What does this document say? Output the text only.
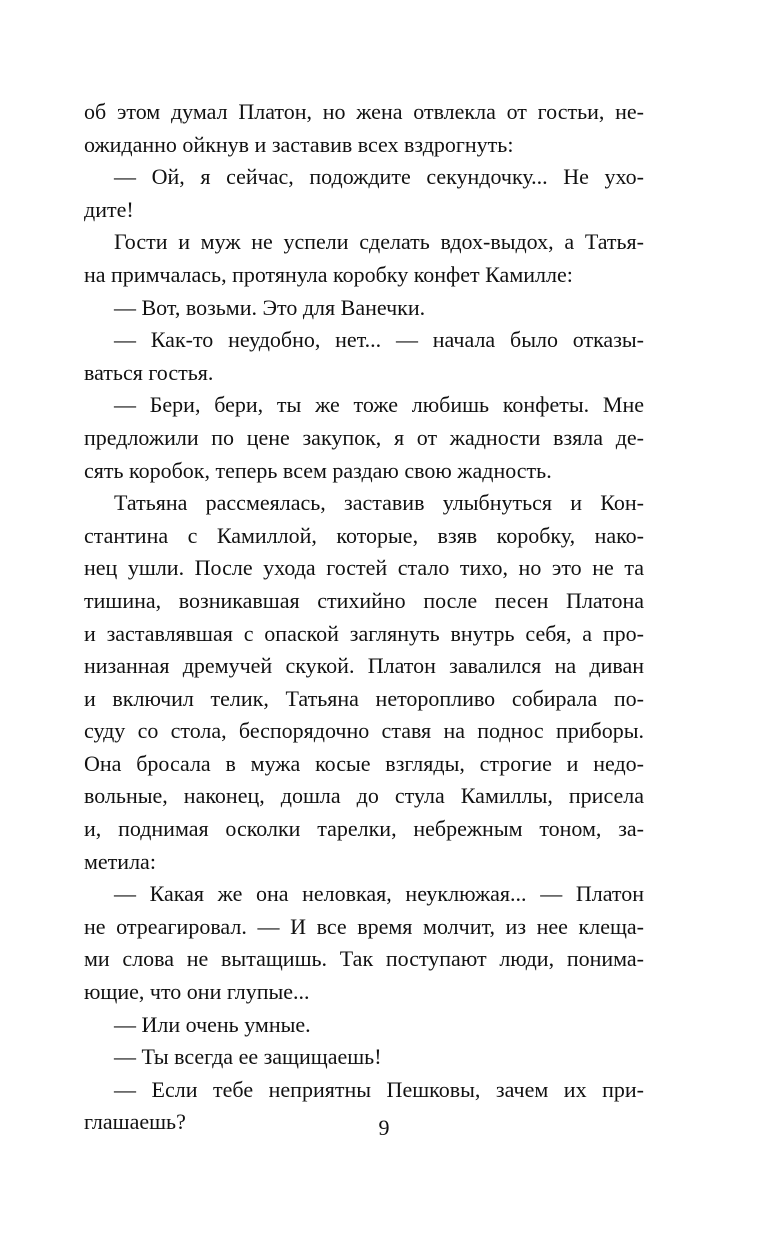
об этом думал Платон, но жена отвлекла от гостьи, не-
ожиданно ойкнув и заставив всех вздрогнуть:
— Ой, я сейчас, подождите секундочку... Не ухо-
дите!
Гости и муж не успели сделать вдох-выдох, а Татья-
на примчалась, протянула коробку конфет Камилле:
— Вот, возьми. Это для Ванечки.
— Как-то неудобно, нет... — начала было отказы-
ваться гостья.
— Бери, бери, ты же тоже любишь конфеты. Мне
предложили по цене закупок, я от жадности взяла де-
сять коробок, теперь всем раздаю свою жадность.
Татьяна рассмеялась, заставив улыбнуться и Кон-
стантина с Камиллой, которые, взяв коробку, нако-
нец ушли. После ухода гостей стало тихо, но это не та
тишина, возникавшая стихийно после песен Платона
и заставлявшая с опаской заглянуть внутрь себя, а про-
низанная дремучей скукой. Платон завалился на диван
и включил телик, Татьяна неторопливо собирала по-
суду со стола, беспорядочно ставя на поднос приборы.
Она бросала в мужа косые взгляды, строгие и недо-
вольные, наконец, дошла до стула Камиллы, присела
и, поднимая осколки тарелки, небрежным тоном, за-
метила:
— Какая же она неловкая, неуклюжая... — Платон
не отреагировал. — И все время молчит, из нее клеща-
ми слова не вытащишь. Так поступают люди, понима-
ющие, что они глупые...
— Или очень умные.
— Ты всегда ее защищаешь!
— Если тебе неприятны Пешковы, зачем их при-
глашаешь?	9
